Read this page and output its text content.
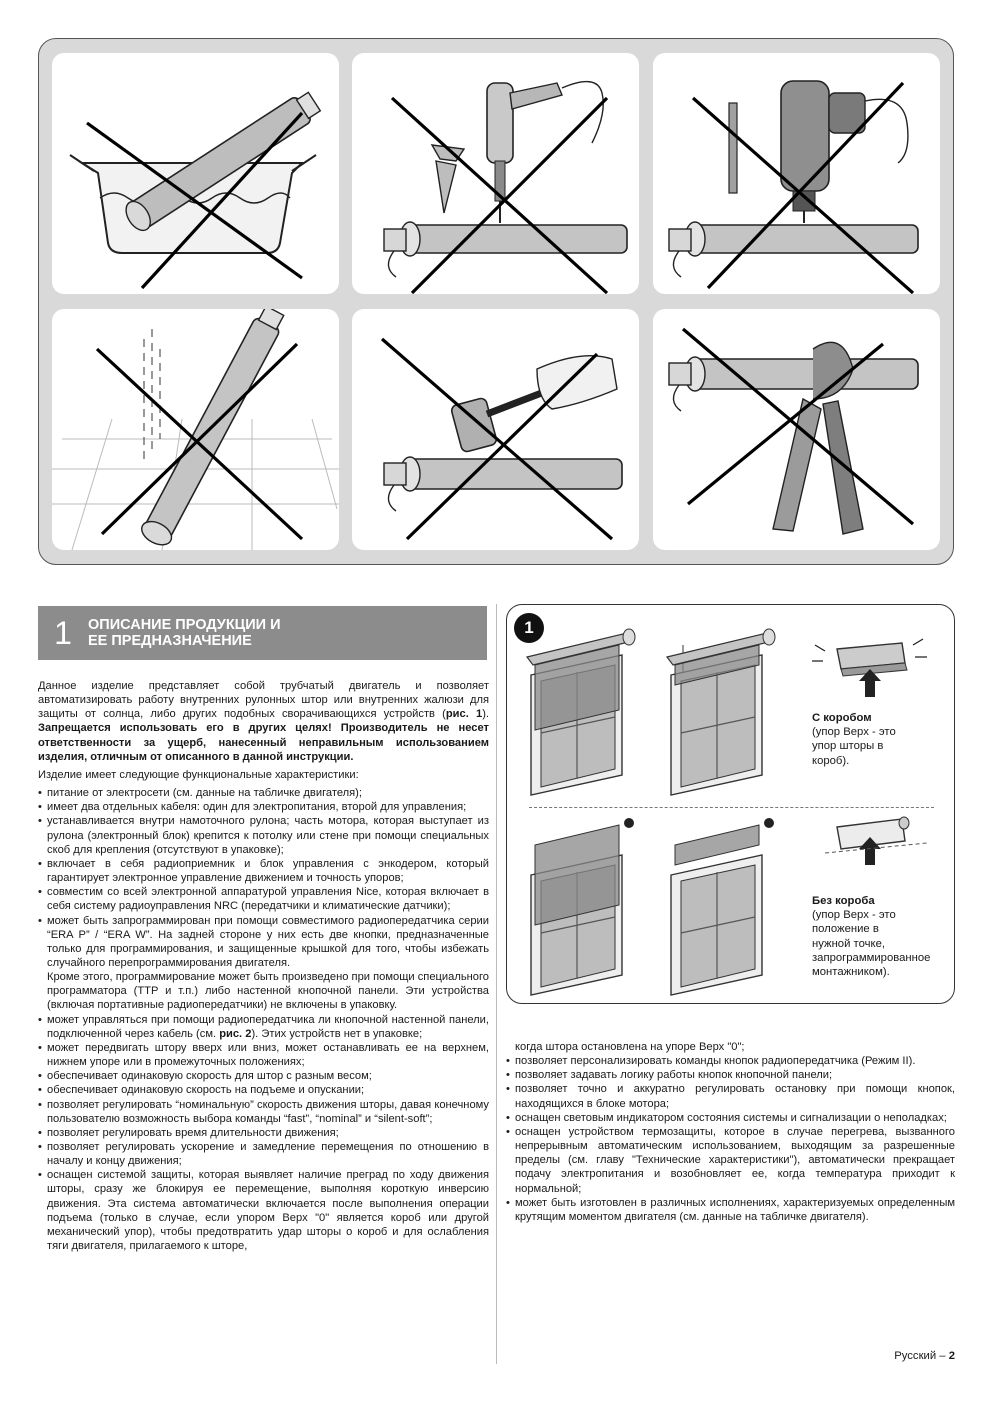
1	ОПИСАНИЕ ПРОДУКЦИИ И
ЕЕ ПРЕДНАЗНАЧЕНИЕ

Данное изделие представляет собой трубчатый двигатель и позволяет автоматизировать работу внутренних рулонных штор или внутренних жалюзи для защиты от солнца, либо других подобных сворачивающихся устройств (рис. 1). Запрещается использовать его в других целях! Производитель не несет ответственности за ущерб, нанесенный неправильным использованием изделия, отличным от описанного в данной инструкции.

Изделие имеет следующие функциональные характеристики:

• питание от электросети (см. данные на табличке двигателя);
• имеет два отдельных кабеля: один для электропитания, второй для управления;
• устанавливается внутри намоточного рулона; часть мотора, которая выступает из рулона (электронный блок) крепится к потолку или стене при помощи специальных скоб для крепления (отсутствуют в упаковке);
• включает в себя радиоприемник и блок управления с энкодером, который гарантирует электронное управление движением и точность упоров;
• совместим со всей электронной аппаратурой управления Nice, которая включает в себя систему радиоуправления NRC (передатчики и климатические датчики);
• может быть запрограммирован при помощи совместимого радиопередатчика серии “ERA P” / “ERA W”. На задней стороне у них есть две кнопки, предназначенные только для программирования, и защищенные крышкой для того, чтобы избежать случайного перепрограммирования двигателя.
Кроме этого, программирование может быть произведено при помощи специального программатора (TTP и т.п.) либо настенной кнопочной панели. Эти устройства (включая портативные радиопередатчики) не включены в упаковку.
• может управляться при помощи радиопередатчика ли кнопочной настенной панели, подключенной через кабель (см. рис. 2). Этих устройств нет в упаковке;
• может передвигать штору вверх или вниз, может останавливать ее на верхнем, нижнем упоре или в промежуточных положениях;
• обеспечивает одинаковую скорость для штор с разным весом;
• обеспечивает одинаковую скорость на подъеме и опускании;
• позволяет регулировать “номинальную” скорость движения шторы, давая конечному пользователю возможность выбора команды “fast”, “nominal” и “silent-soft”;
• позволяет регулировать время длительности движения;
• позволяет регулировать ускорение и замедление перемещения по отношению в началу и концу движения;
• оснащен системой защиты, которая выявляет наличие преград по ходу движения шторы, сразу же блокируя ее перемещение, выполняя короткую инверсию движения. Эта система автоматически включается после выполнения операции подъема (только в случае, если упором Верх "0" является короб или другой механический упор), чтобы предотвратить удар шторы о короб и для ослабления тяги двигателя, прилагаемого к шторе,
1
С коробом
(упор Верх - это
упор шторы в
короб).
Без короба
(упор Верх - это
положение в
нужной точке,
запрограммированное
монтажником).
когда штора остановлена на упоре Верх "0";
• позволяет персонализировать команды кнопок радиопередатчика (Режим II).
• позволяет задавать логику работы кнопок кнопочной панели;
• позволяет точно и аккуратно регулировать остановку при помощи кнопок, находящихся в блоке мотора;
• оснащен световым индикатором состояния системы и сигнализации о неполадках;
• оснащен устройством термозащиты, которое в случае перегрева, вызванного непрерывным автоматическим использованием, выходящим за разрешенные пределы (см. главу "Технические характеристики"), автоматически прекращает подачу электропитания и возобновляет ее, когда температура приходит к нормальной;
• может быть изготовлен в различных исполнениях, характеризуемых определенным крутящим моментом двигателя (см. данные на табличке двигателя).
Русский – 2
